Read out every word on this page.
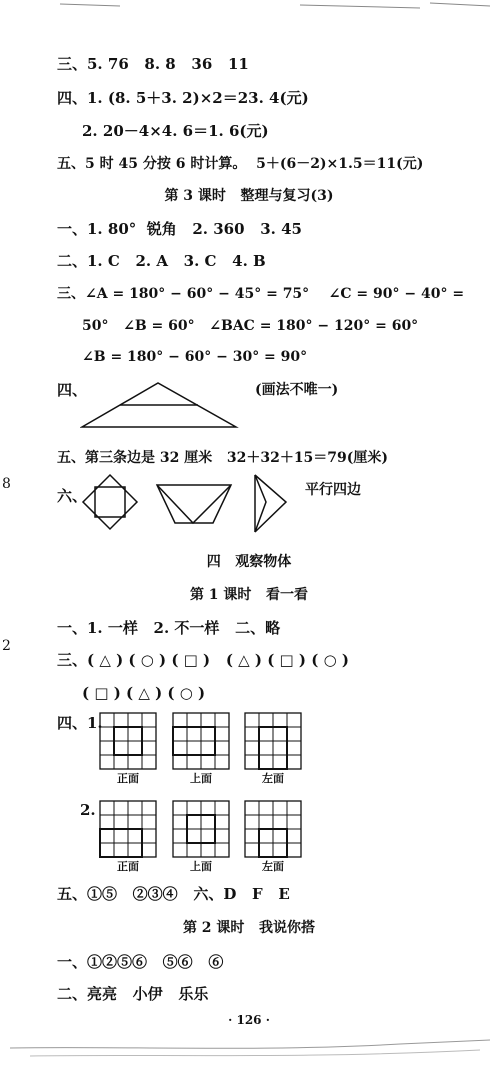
8
2
三、5. 76   8. 8   36   11
四、1. (8. 5＋3. 2)×2＝23. 4(元)
2. 20－4×4. 6＝1. 6(元)
五、5 时 45 分按 6 时计算。  5＋(6－2)×1.5＝11(元)
第 3 课时   整理与复习(3)
一、1. 80°  锐角   2. 360   3. 45
二、1. C   2. A   3. C   4. B
三、∠A = 180° − 60° − 45° = 75°    ∠C = 90° − 40° =
50°   ∠B = 60°   ∠BAC = 180° − 120° = 60°
∠B = 180° − 60° − 30° = 90°
四、	(画法不唯一)
五、第三条边是 32 厘米   32＋32＋15＝79(厘米)
六、	平行四边
四   观察物体
第 1 课时   看一看
一、1. 一样   2. 不一样   二、略
三、( △ ) ( ○ ) ( □ )   ( △ ) ( □ ) ( ○ )
( □ ) ( △ ) ( ○ )
四、1.
正面	上面	左面
2.
正面	上面	左面
五、①⑤   ②③④   六、D   F   E
第 2 课时   我说你搭
一、①②⑤⑥   ⑤⑥   ⑥
二、亮亮   小伊   乐乐
· 126 ·
